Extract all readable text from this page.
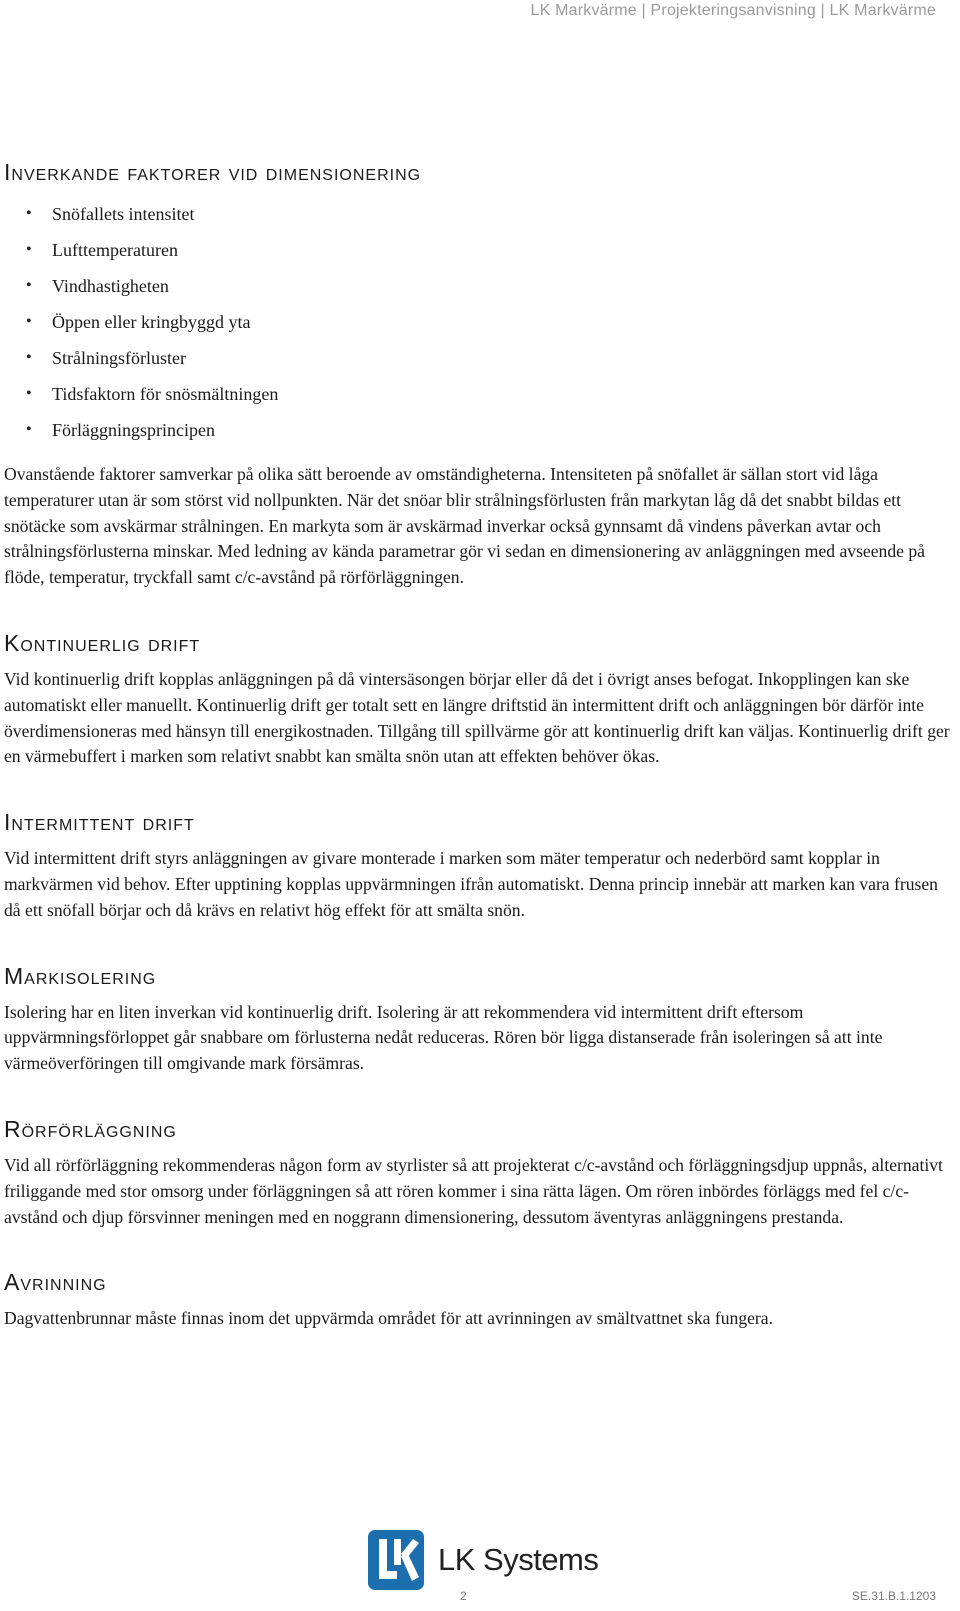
LK Markvärme | Projekteringsanvisning | LK Markvärme
Inverkande faktorer vid dimensionering
• Snöfallets intensitet
• Lufttemperaturen
• Vindhastigheten
• Öppen eller kringbyggd yta
• Strålningsförluster
• Tidsfaktorn för snösmältningen
• Förläggningsprincipen

Ovanstående faktorer samverkar på olika sätt beroende av omständigheterna. Intensiteten på snöfallet är sällan stort vid låga temperaturer utan är som störst vid nollpunkten. När det snöar blir strålningsförlusten från markytan låg då det snabbt bildas ett snötäcke som avskärmar strålningen. En markyta som är avskärmad inverkar också gynnsamt då vindens påverkan avtar och strålningsförlusterna minskar. Med ledning av kända parametrar gör vi sedan en dimensionering av anläggningen med avseende på flöde, temperatur, tryckfall samt c/c-avstånd på rörförläggningen.

Kontinuerlig drift

Vid kontinuerlig drift kopplas anläggningen på då vintersäsongen börjar eller då det i övrigt anses befogat. Inkopplingen kan ske automatiskt eller manuellt. Kontinuerlig drift ger totalt sett en längre driftstid än intermittent drift och anläggningen bör därför inte överdimensioneras med hänsyn till energikostnaden. Tillgång till spillvärme gör att kontinuerlig drift kan väljas. Kontinuerlig drift ger en värmebuffert i marken som relativt snabbt kan smälta snön utan att effekten behöver ökas.

Intermittent drift

Vid intermittent drift styrs anläggningen av givare monterade i marken som mäter temperatur och nederbörd samt kopplar in markvärmen vid behov. Efter upptining kopplas uppvärmningen ifrån automatiskt. Denna princip innebär att marken kan vara frusen då ett snöfall börjar och då krävs en relativt hög effekt för att smälta snön.

Markisolering

Isolering har en liten inverkan vid kontinuerlig drift. Isolering är att rekommendera vid intermittent drift eftersom uppvärmningsförloppet går snabbare om förlusterna nedåt reduceras. Rören bör ligga distanserade från isoleringen så att inte värmeöverföringen till omgivande mark försämras.

Rörförläggning

Vid all rörförläggning rekommenderas någon form av styrlister så att projekterat c/c-avstånd och förläggningsdjup uppnås, alternativt friliggande med stor omsorg under förläggningen så att rören kommer i sina rätta lägen. Om rören inbördes förläggs med fel c/c-avstånd och djup försvinner meningen med en noggrann dimensionering, dessutom äventyras anläggningens prestanda.

Avrinning

Dagvattenbrunnar måste finnas inom det uppvärmda området för att avrinningen av smältvattnet ska fungera.

LK Systems
2	SE.31.B.1.1203
